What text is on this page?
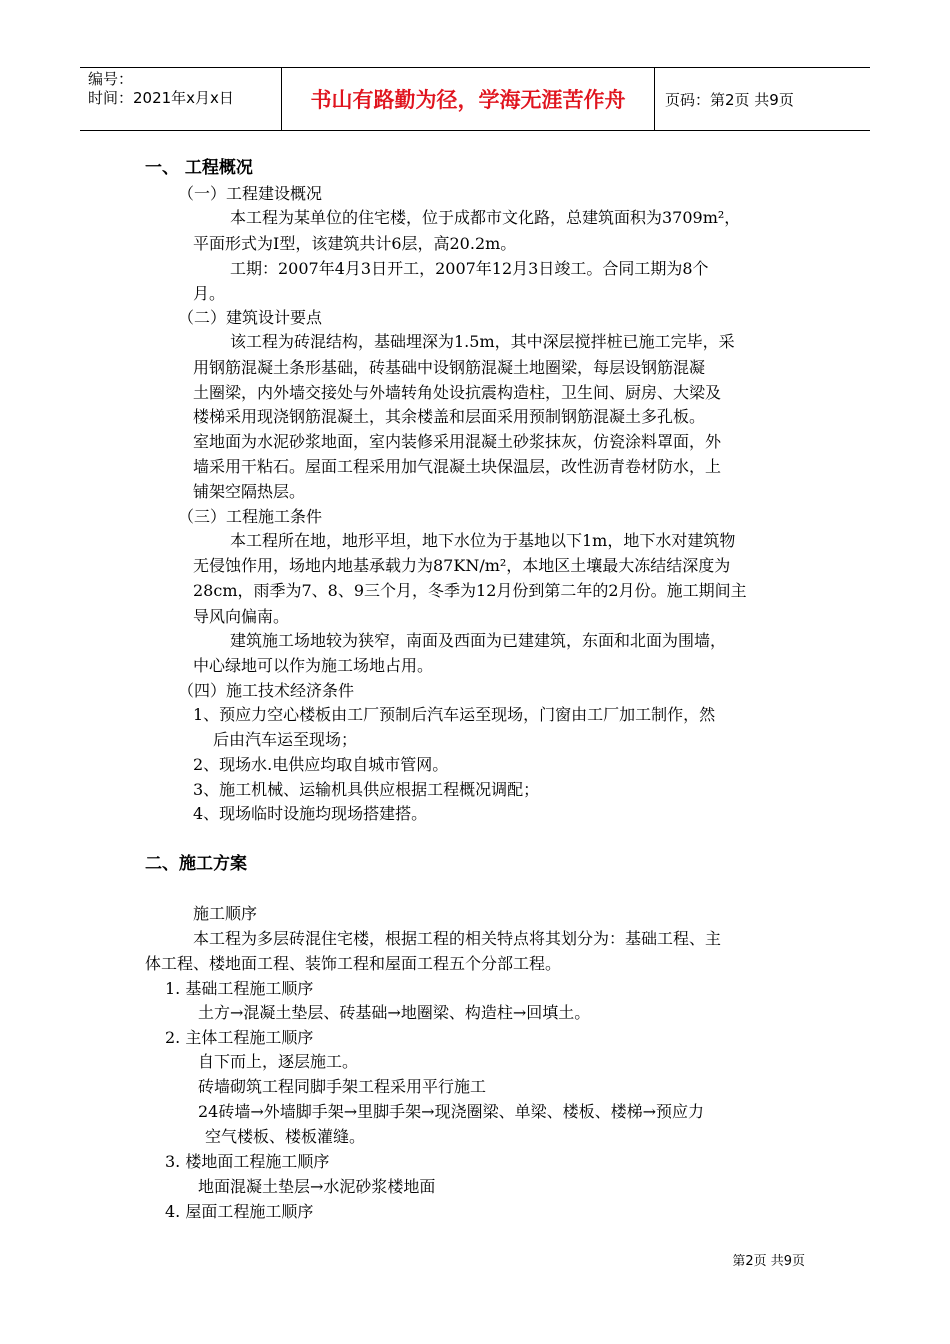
编号：
时间：2021年x月x日	书山有路勤为径，学海无涯苦作舟	页码：第2页 共9页
一、 工程概况
（一）工程建设概况
本工程为某单位的住宅楼，位于成都市文化路，总建筑面积为3709m²，
平面形式为Ⅰ型，该建筑共计6层，高20.2m。
工期：2007年4月3日开工，2007年12月3日竣工。合同工期为8个
月。
（二）建筑设计要点
该工程为砖混结构，基础埋深为1.5m，其中深层搅拌桩已施工完毕，采
用钢筋混凝土条形基础，砖基础中设钢筋混凝土地圈梁，每层设钢筋混凝
土圈梁，内外墙交接处与外墙转角处设抗震构造柱，卫生间、厨房、大梁及
楼梯采用现浇钢筋混凝土，其余楼盖和层面采用预制钢筋混凝土多孔板。
室地面为水泥砂浆地面，室内装修采用混凝土砂浆抹灰，仿瓷涂料罩面，外
墙采用干粘石。屋面工程采用加气混凝土块保温层，改性沥青卷材防水，上
铺架空隔热层。
（三）工程施工条件
本工程所在地，地形平坦，地下水位为于基地以下1m，地下水对建筑物
无侵蚀作用，场地内地基承载力为87KN/m²，本地区土壤最大冻结结深度为
28cm，雨季为7、8、9三个月，冬季为12月份到第二年的2月份。施工期间主
导风向偏南。
建筑施工场地较为狭窄，南面及西面为已建建筑，东面和北面为围墙，
中心绿地可以作为施工场地占用。
（四）施工技术经济条件
1、预应力空心楼板由工厂预制后汽车运至现场，门窗由工厂加工制作，然
后由汽车运至现场；
2、现场水.电供应均取自城市管网。
3、施工机械、运输机具供应根据工程概况调配；
4、现场临时设施均现场搭建搭。
二、施工方案
施工顺序
本工程为多层砖混住宅楼，根据工程的相关特点将其划分为：基础工程、主
体工程、楼地面工程、装饰工程和屋面工程五个分部工程。
1. 基础工程施工顺序
土方→混凝土垫层、砖基础→地圈梁、构造柱→回填土。
2. 主体工程施工顺序
自下而上，逐层施工。
砖墙砌筑工程同脚手架工程采用平行施工
24砖墙→外墙脚手架→里脚手架→现浇圈梁、单梁、楼板、楼梯→预应力
空气楼板、楼板灌缝。
3. 楼地面工程施工顺序
地面混凝土垫层→水泥砂浆楼地面
4. 屋面工程施工顺序
第2页 共9页
